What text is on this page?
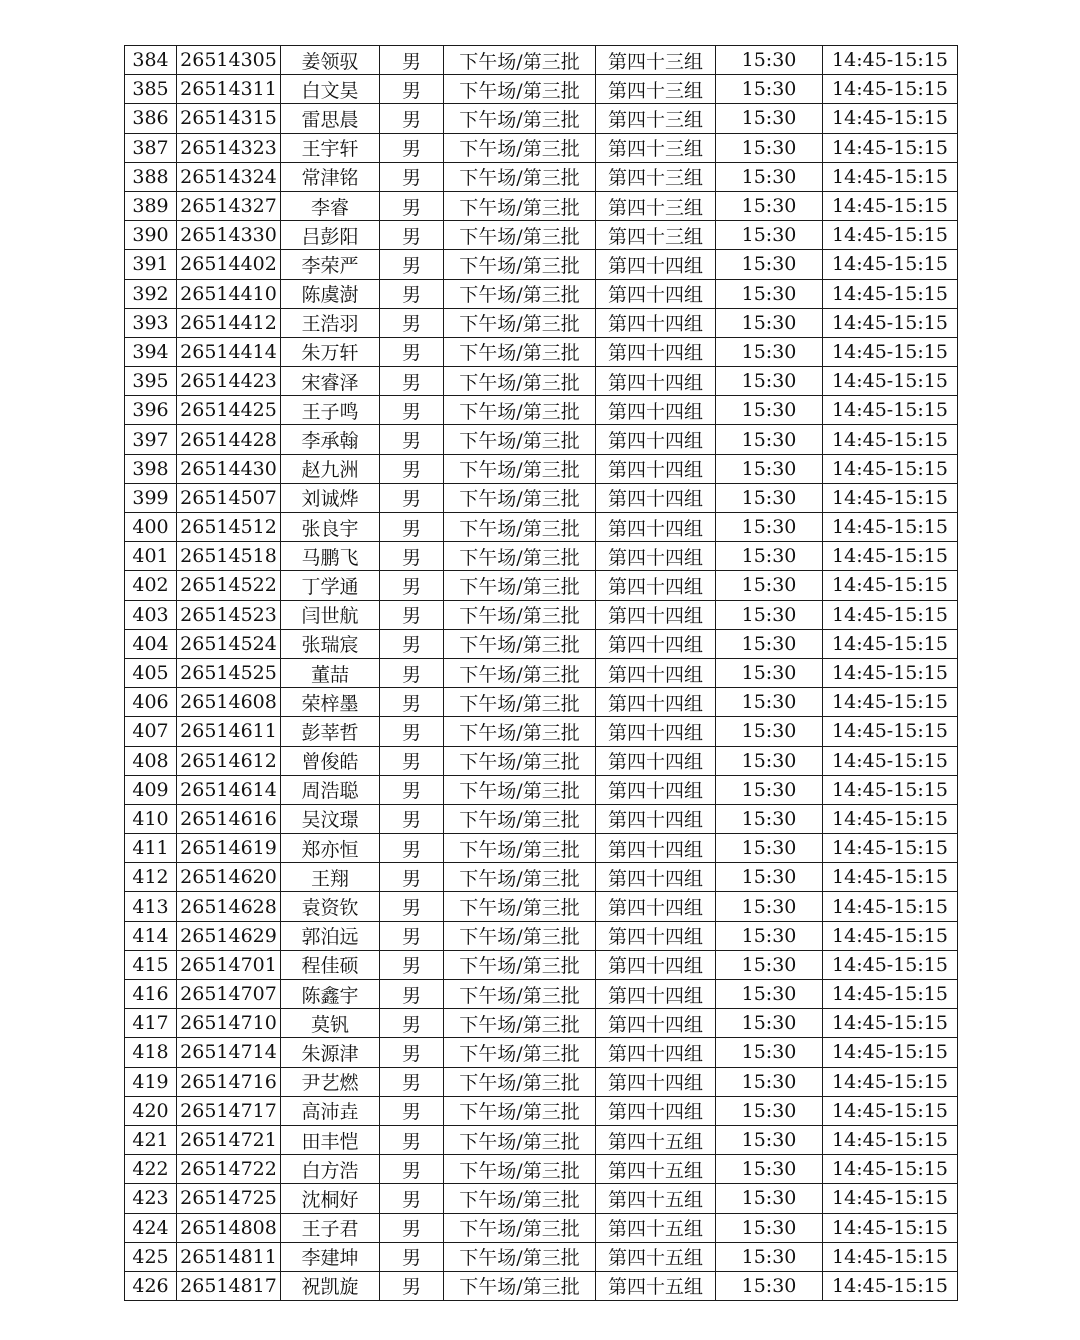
384	26514305	姜领驭	男	下午场/第三批	第四十三组	15:30	14:45-15:15
385	26514311	白文昊	男	下午场/第三批	第四十三组	15:30	14:45-15:15
386	26514315	雷思晨	男	下午场/第三批	第四十三组	15:30	14:45-15:15
387	26514323	王宇轩	男	下午场/第三批	第四十三组	15:30	14:45-15:15
388	26514324	常津铭	男	下午场/第三批	第四十三组	15:30	14:45-15:15
389	26514327	李睿	男	下午场/第三批	第四十三组	15:30	14:45-15:15
390	26514330	吕彭阳	男	下午场/第三批	第四十三组	15:30	14:45-15:15
391	26514402	李荣严	男	下午场/第三批	第四十四组	15:30	14:45-15:15
392	26514410	陈虞澍	男	下午场/第三批	第四十四组	15:30	14:45-15:15
393	26514412	王浩羽	男	下午场/第三批	第四十四组	15:30	14:45-15:15
394	26514414	朱万轩	男	下午场/第三批	第四十四组	15:30	14:45-15:15
395	26514423	宋睿泽	男	下午场/第三批	第四十四组	15:30	14:45-15:15
396	26514425	王子鸣	男	下午场/第三批	第四十四组	15:30	14:45-15:15
397	26514428	李承翰	男	下午场/第三批	第四十四组	15:30	14:45-15:15
398	26514430	赵九洲	男	下午场/第三批	第四十四组	15:30	14:45-15:15
399	26514507	刘诚烨	男	下午场/第三批	第四十四组	15:30	14:45-15:15
400	26514512	张良宇	男	下午场/第三批	第四十四组	15:30	14:45-15:15
401	26514518	马鹏飞	男	下午场/第三批	第四十四组	15:30	14:45-15:15
402	26514522	丁学通	男	下午场/第三批	第四十四组	15:30	14:45-15:15
403	26514523	闫世航	男	下午场/第三批	第四十四组	15:30	14:45-15:15
404	26514524	张瑞宸	男	下午场/第三批	第四十四组	15:30	14:45-15:15
405	26514525	董喆	男	下午场/第三批	第四十四组	15:30	14:45-15:15
406	26514608	荣梓墨	男	下午场/第三批	第四十四组	15:30	14:45-15:15
407	26514611	彭莘哲	男	下午场/第三批	第四十四组	15:30	14:45-15:15
408	26514612	曾俊皓	男	下午场/第三批	第四十四组	15:30	14:45-15:15
409	26514614	周浩聪	男	下午场/第三批	第四十四组	15:30	14:45-15:15
410	26514616	吴汶璟	男	下午场/第三批	第四十四组	15:30	14:45-15:15
411	26514619	郑亦恒	男	下午场/第三批	第四十四组	15:30	14:45-15:15
412	26514620	王翔	男	下午场/第三批	第四十四组	15:30	14:45-15:15
413	26514628	袁资钦	男	下午场/第三批	第四十四组	15:30	14:45-15:15
414	26514629	郭泊远	男	下午场/第三批	第四十四组	15:30	14:45-15:15
415	26514701	程佳硕	男	下午场/第三批	第四十四组	15:30	14:45-15:15
416	26514707	陈鑫宇	男	下午场/第三批	第四十四组	15:30	14:45-15:15
417	26514710	莫钒	男	下午场/第三批	第四十四组	15:30	14:45-15:15
418	26514714	朱源津	男	下午场/第三批	第四十四组	15:30	14:45-15:15
419	26514716	尹艺燃	男	下午场/第三批	第四十四组	15:30	14:45-15:15
420	26514717	高沛垚	男	下午场/第三批	第四十四组	15:30	14:45-15:15
421	26514721	田丰恺	男	下午场/第三批	第四十五组	15:30	14:45-15:15
422	26514722	白方浩	男	下午场/第三批	第四十五组	15:30	14:45-15:15
423	26514725	沈桐好	男	下午场/第三批	第四十五组	15:30	14:45-15:15
424	26514808	王子君	男	下午场/第三批	第四十五组	15:30	14:45-15:15
425	26514811	李建坤	男	下午场/第三批	第四十五组	15:30	14:45-15:15
426	26514817	祝凯旋	男	下午场/第三批	第四十五组	15:30	14:45-15:15
